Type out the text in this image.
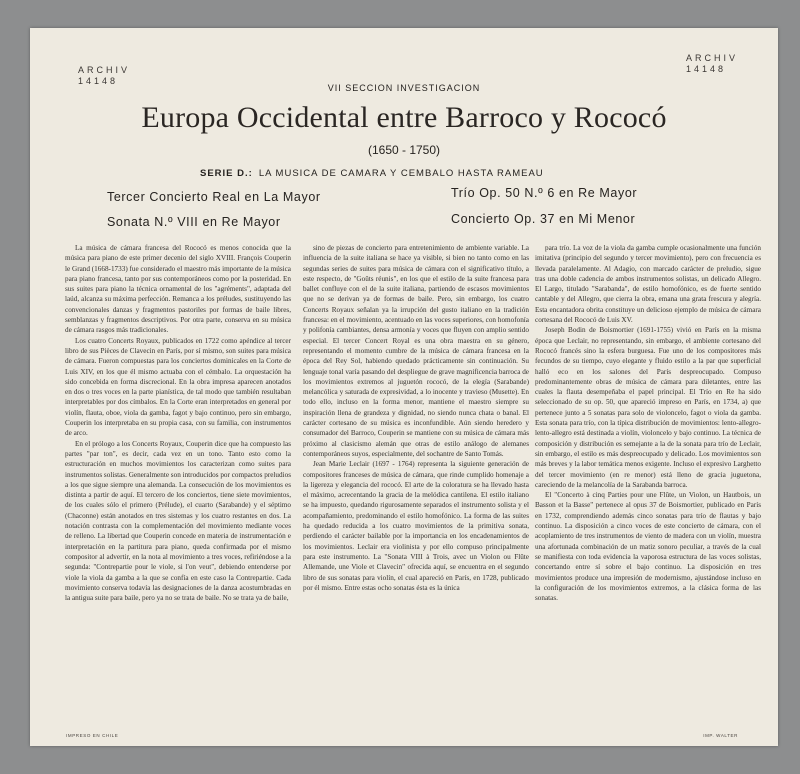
ARCHIV
14148
ARCHIV
14148
VII SECCION INVESTIGACION
Europa Occidental entre Barroco y Rococó
(1650 - 1750)
SERIE D.: LA MUSICA DE CAMARA Y CEMBALO HASTA RAMEAU
Tercer Concierto Real en La Mayor	Trío Op. 50 N.º 6 en Re Mayor
Sonata N.º VIII en Re Mayor	Concierto Op. 37 en Mi Menor

La música de cámara francesa del Rococó es menos conocida que la música para piano de este primer decenio del siglo XVIII. François Couperin le Grand (1668-1733) fue considerado el maestro más importante de la música para piano francesa, tanto por sus contemporáneos como por la posteridad. En sus suites para piano la técnica ornamental de los "agréments", adaptada del laúd, alcanza su máxima perfección. Remanca a los préludes, sustituyendo las convencionales danzas y fragmentos pastoriles por formas de baile libres, semblanzas y fragmentos descriptivos. Por otra parte, conserva en su música de cámara rasgos más tradicionales.

Los cuatro Concerts Royaux, publicados en 1722 como apéndice al tercer libro de sus Pièces de Clavecin en París, por sí mismo, son suites para música de cámara. Fueron compuestas para los conciertos dominicales en la Corte de Luis XIV, en los que él mismo actuaba con el cémbalo. La orquestación ha sido concebida en forma discrecional. En la obra impresa aparecen anotados en dos o tres voces en la parte pianística, de tal modo que también resultaban interpretables por dos címbalos. En la Corte eran interpretados en general por violín, flauta, oboe, viola da gamba, fagot y bajo continuo, pero sin embargo, Couperin los interpretaba en su propia casa, con su familia, con instrumentos de arco.

En el prólogo a los Concerts Royaux, Couperin dice que ha compuesto las partes "par ton", es decir, cada vez en un tono. Tanto esto como la estructuración en muchos movimientos los caracterizan como suites para instrumentos solistas. Generalmente son introducidos por compactos preludios a los que sigue siempre una alemanda. La consecución de los movimientos es distinta a partir de aquí. El tercero de los conciertos, tiene siete movimientos, de los cuales sólo el primero (Prélude), el cuarto (Sarabande) y el séptimo (Chaconne) están anotados en tres sistemas y los cuatro restantes en dos. La notación contrasta con la complementación del movimiento mediante voces de relleno. La libertad que Couperin concede en materia de instrumentación e interpretación en la partitura para piano, queda confirmada por el mismo compositor al advertir, en la nota al movimiento a tres voces, refiriéndose a la segunda: "Contrepartie pour le viole, si l'on veut", debiendo entenderse por viole la viola da gamba a la que se confía en este caso la Contrepartie. Cada movimiento conserva todavía las designaciones de la danza acostumbradas en la antigua suite para baile, pero ya no se trata de baile. No se trata ya de baile,

sino de piezas de concierto para entretenimiento de ambiente variable. La influencia de la suite italiana se hace ya visible, si bien no tanto como en las segundas series de suites para música de cámara con el significativo título, a este respecto, de "Goûts réunis", en los que el estilo de la suite francesa para ballet confluye con el de la suite italiana, partiendo de escasos movimientos que no se derivan ya de formas de baile. Pero, sin embargo, los cuatro Concerts Royaux señalan ya la irrupción del gusto italiano en la tradición francesa: en el movimiento, acentuado en las voces superiores, con homofonía y polifonía cambiantes, densa armonía y voces que fluyen con amplio sentido especial. El tercer Concert Royal es una obra maestra en su género, representando el momento cumbre de la música de cámara francesa en la época del Rey Sol, habiendo quedado prácticamente sin continuación. Su lenguaje tonal varía pasando del despliegue de grave magnificencia barroca de los movimientos extremos al juguetón rococó, de la elegía (Sarabande) melancólica y saturada de expresividad, a lo inocente y travieso (Musette). En todo ello, incluso en la forma menor, mantiene el maestro siempre su inspiración llena de grandeza y dignidad, no siendo nunca chata o banal. El carácter cortesano de su música es inconfundible. Aún siendo heredero y consumador del Barroco, Couperin se mantiene con su música de cámara más próximo al clasicismo alemán que otras de estilo análogo de alemanes contemporáneos suyos, especialmente, del sochantre de Santo Tomás.

Jean Marie Leclair (1697 - 1764) representa la siguiente generación de compositores franceses de música de cámara, que rinde cumplido homenaje a la ligereza y elegancia del rococó. El arte de la coloratura se ha llevado hasta el máximo, acrecentando la gracia de la melódica cantilena. El estilo italiano se ha impuesto, quedando rigurosamente separados el instrumento solista y el acompañamiento, predominando el estilo homofónico. La forma de las suites ha quedado reducida a los cuatro movimientos de la primitiva sonata, perdiendo el carácter bailable por la importancia en los encadenamientos de los movimientos. Leclair era violinista y por ello compuso principalmente para este instrumento. La "Sonata VIII à Trois, avec un Violon ou Flûte Allemande, une Viole et Clavecin" ofrecida aquí, se encuentra en el segundo libro de sus sonatas para violín, el cual apareció en París, en 1728, publicado por él mismo. Entre estas ocho sonatas ésta es la única

para trío. La voz de la viola da gamba cumple ocasionalmente una función imitativa (principio del segundo y tercer movimiento), pero con frecuencia es llevada paralelamente. Al Adagio, con marcado carácter de preludio, sigue tras una doble cadencia de ambos instrumentos solistas, un delicado Allegro. El Largo, titulado "Sarabanda", de estilo homofónico, es de fuerte sentido cantable y del Allegro, que cierra la obra, emana una grata frescura y alegría. Esta encantadora obrita constituye un delicioso ejemplo de música de cámara cortesana del Rococó de Luis XV.

Joseph Bodin de Boismortier (1691-1755) vivió en París en la misma época que Leclair, no representando, sin embargo, el ambiente cortesano del Rococó francés sino la esfera burguesa. Fue uno de los compositores más fecundos de su tiempo, cuyo elegante y fluido estilo a la par que superficial halló eco en los salones del París despreocupado. Compuso predominantemente obras de música de cámara para diletantes, entre las cuales la flauta desempeñaba el papel principal. El Trío en Re ha sido seleccionado de su op. 50, que apareció impreso en París, en 1734, a) que pertenece junto a 5 sonatas para solo de violoncelo, fagot o viola da gamba. Esta sonata para trío, con la típica distribución de movimientos: lento-allegro-lento-allegro está destinada a violín, violoncelo y bajo continuo. La técnica de composición y distribución es semejante a la de la sonata para trío de Leclair, sin embargo, el estilo es más despreocupado y delicado. Los movimientos son más breves y la labor temática menos exigente. Incluso el expresivo Larghetto del tercer movimiento (en re menor) está lleno de gracia juguetona, careciendo de la melancolía de la Sarabanda barroca.

El "Concerto à cinq Parties pour une Flûte, un Violon, un Hautbois, un Basson et la Basse" pertenece al opus 37 de Boismortier, publicado en París en 1732, comprendiendo además cinco sonatas para trío de flautas y bajo continuo. La disposición a cinco voces de este concierto de cámara, con el acoplamiento de tres instrumentos de viento de madera con un violín, muestra una afortunada combinación de un matiz sonoro peculiar, a través de la cual se manifiesta con toda evidencia la vaporosa estructura de las voces solistas, concertando entre sí sobre el bajo continuo. La disposición en tres movimientos produce una impresión de modernismo, ajustándose incluso en la configuración de los movimientos extremos, a la clásica forma de las sonatas.

IMPRESO EN CHILE	IMP. WALTER
